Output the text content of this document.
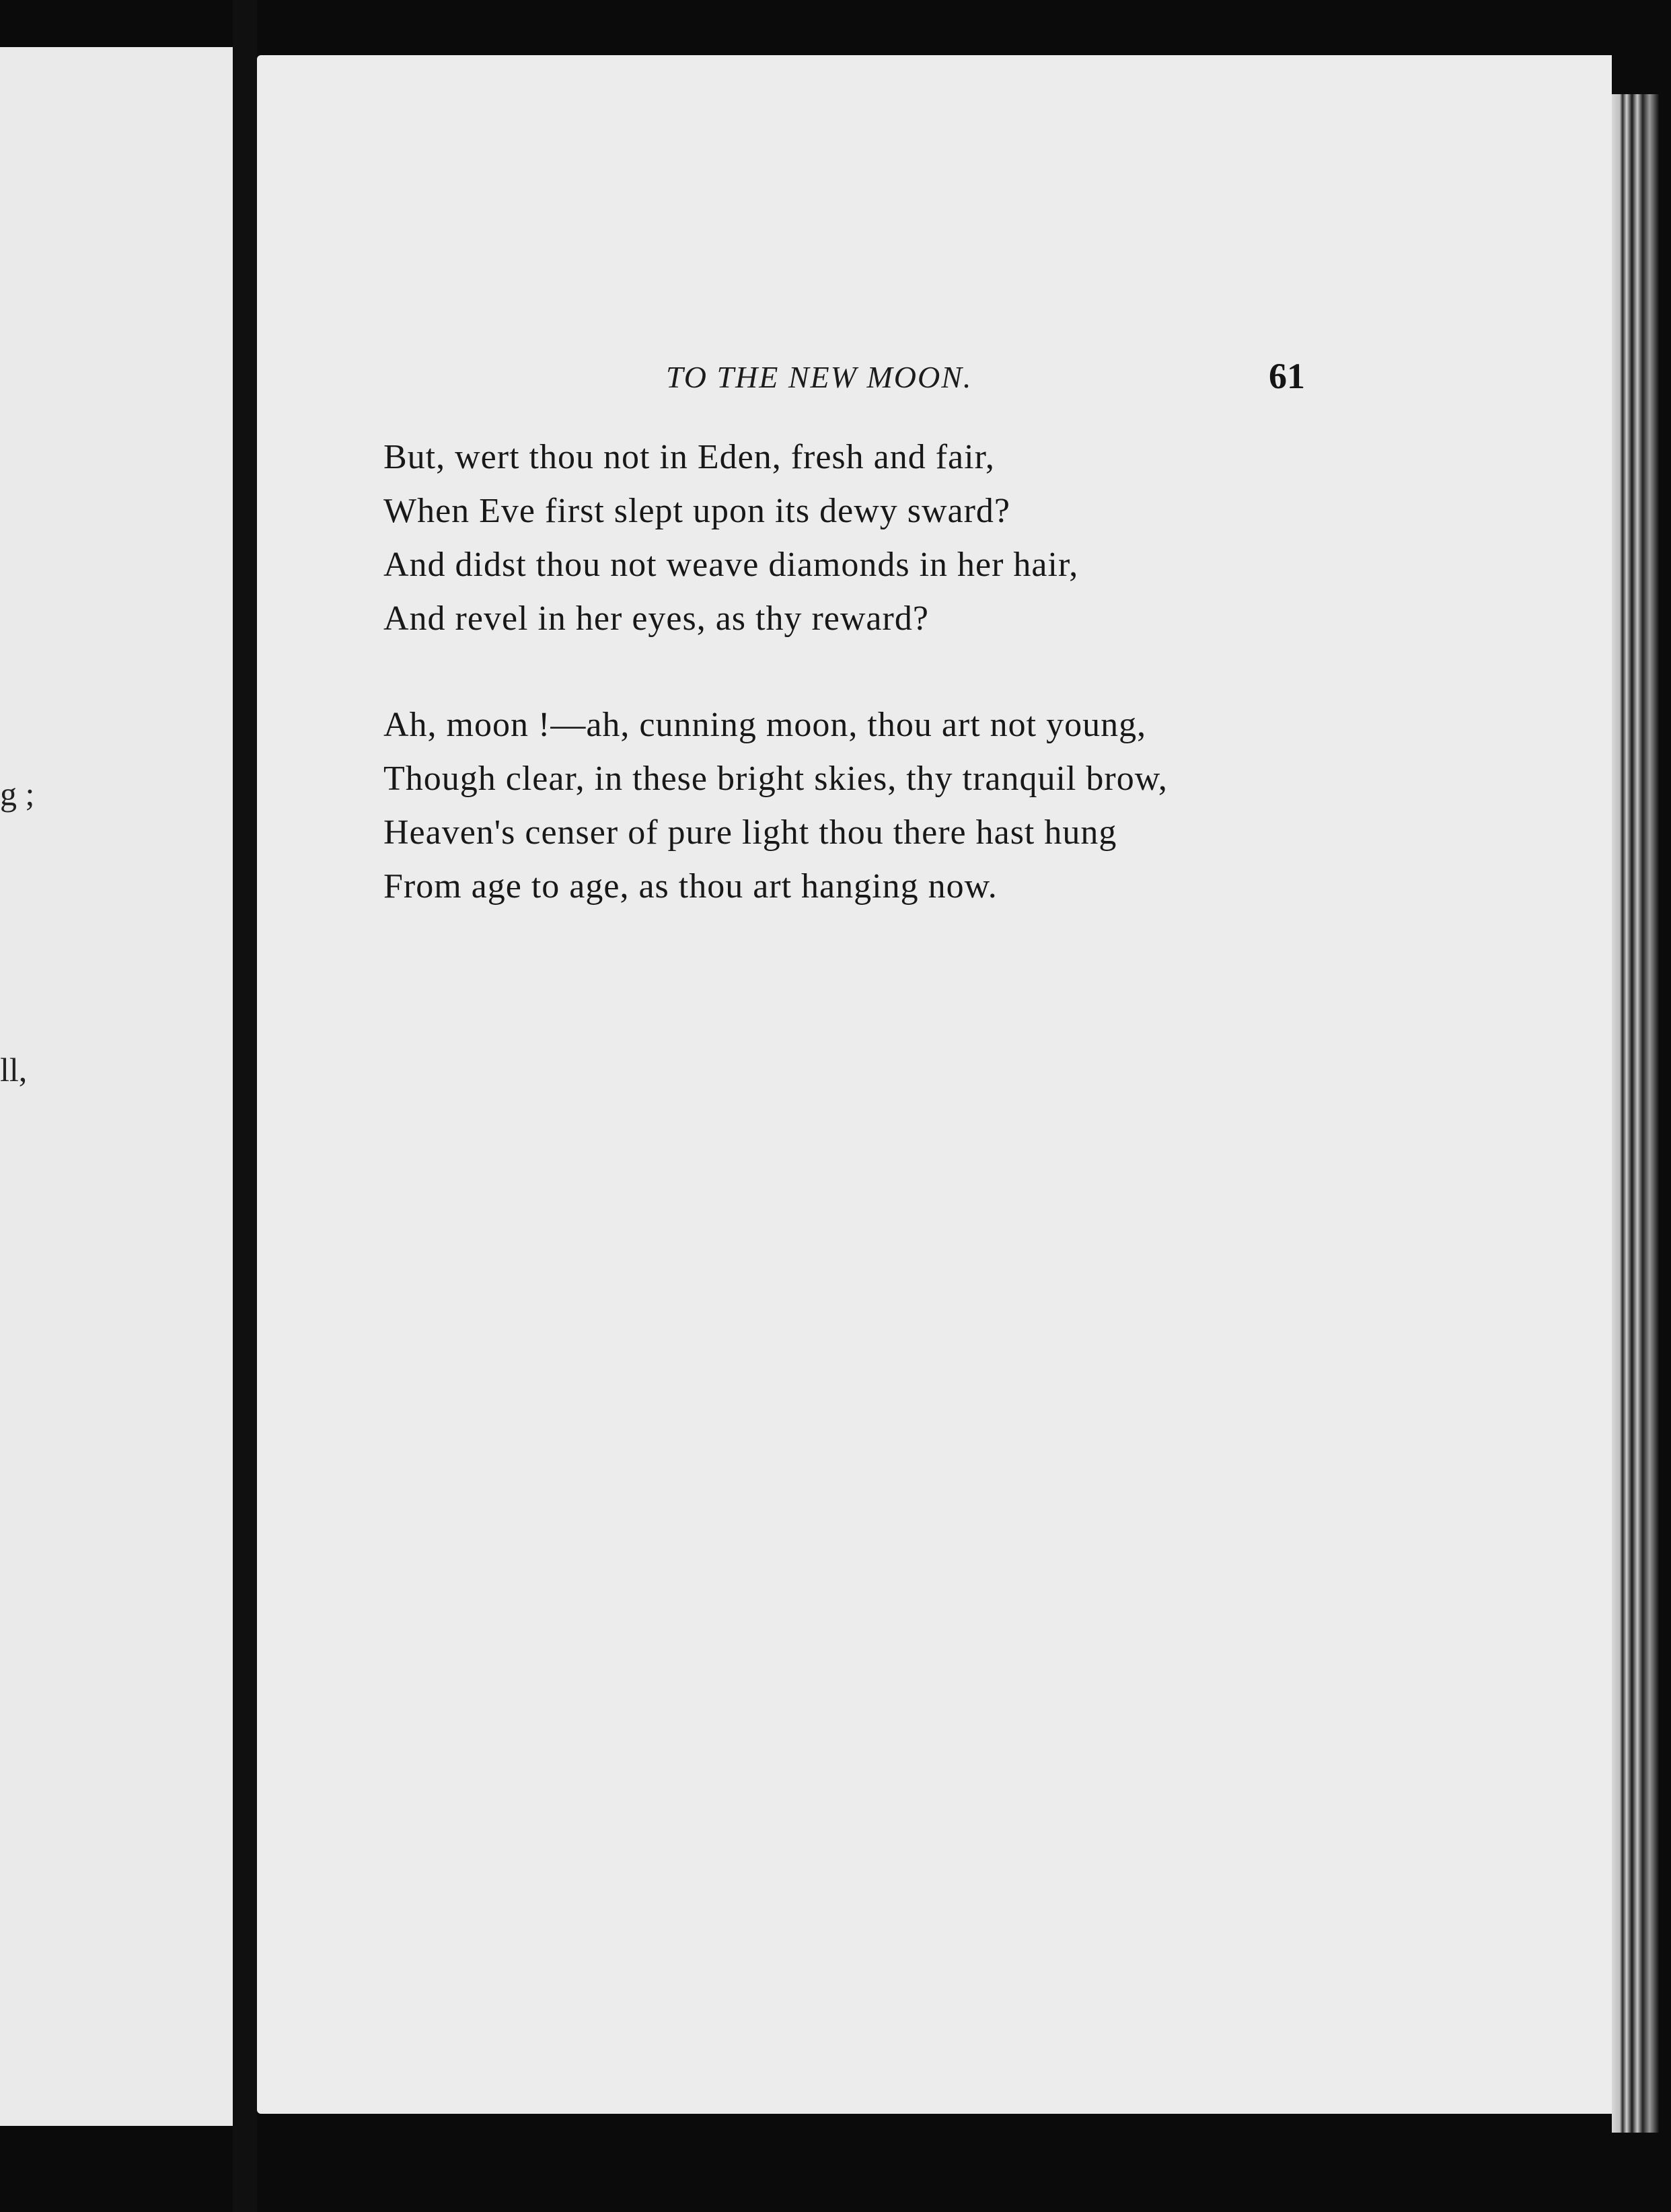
g ;
ll,
TO THE NEW MOON.	61
But, wert thou not in Eden, fresh and fair,
When Eve first slept upon its dewy sward?
And didst thou not weave diamonds in her hair,
And revel in her eyes, as thy reward?
Ah, moon !—ah, cunning moon, thou art not young,
Though clear, in these bright skies, thy tranquil brow,
Heaven's censer of pure light thou there hast hung
From age to age, as thou art hanging now.
